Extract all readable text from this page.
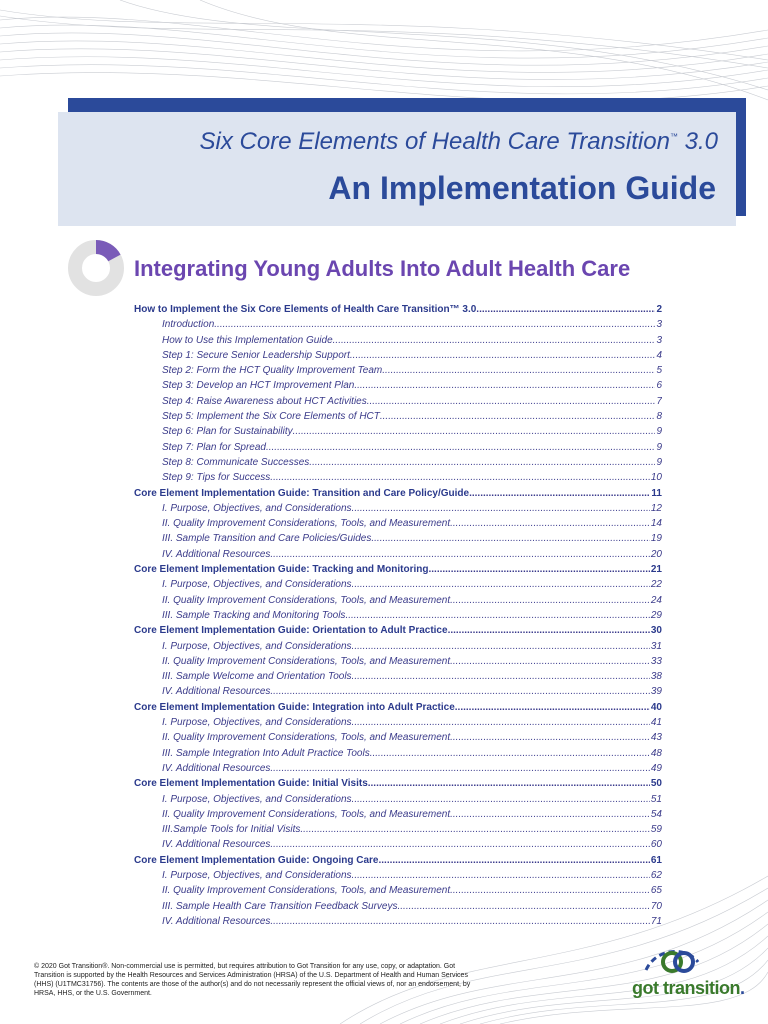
Six Core Elements of Health Care Transition™ 3.0
An Implementation Guide
Integrating Young Adults Into Adult Health Care
How to Implement the Six Core Elements of Health Care Transition™ 3.0 .....	2
Introduction .....	3
How to Use this Implementation Guide .....	3
Step 1: Secure Senior Leadership Support .....	4
Step 2: Form the HCT Quality Improvement Team .....	5
Step 3: Develop an HCT Improvement Plan .....	6
Step 4: Raise Awareness about HCT Activities .....	7
Step 5: Implement the Six Core Elements of HCT .....	8
Step 6: Plan for Sustainability .....	9
Step 7: Plan for Spread .....	9
Step 8: Communicate Successes .....	9
Step 9: Tips for Success .....	10
Core Element Implementation Guide: Transition and Care Policy/Guide .....	11
I. Purpose, Objectives, and Considerations .....	12
II. Quality Improvement Considerations, Tools, and Measurement .....	14
III. Sample Transition and Care Policies/Guides .....	19
IV. Additional Resources .....	20
Core Element Implementation Guide: Tracking and Monitoring .....	21
I. Purpose, Objectives, and Considerations .....	22
II. Quality Improvement Considerations, Tools, and Measurement .....	24
III. Sample Tracking and Monitoring Tools .....	29
Core Element Implementation Guide: Orientation to Adult Practice .....	30
I. Purpose, Objectives, and Considerations .....	31
II. Quality Improvement Considerations, Tools, and Measurement .....	33
III. Sample Welcome and Orientation Tools .....	38
IV. Additional Resources .....	39
Core Element Implementation Guide: Integration into Adult Practice .....	40
I. Purpose, Objectives, and Considerations .....	41
II. Quality Improvement Considerations, Tools, and Measurement .....	43
III. Sample Integration Into Adult Practice Tools .....	48
IV. Additional Resources .....	49
Core Element Implementation Guide: Initial Visits .....	50
I. Purpose, Objectives, and Considerations .....	51
II. Quality Improvement Considerations, Tools, and Measurement .....	54
III.Sample Tools for Initial Visits .....	59
IV. Additional Resources .....	60
Core Element Implementation Guide: Ongoing Care .....	61
I. Purpose, Objectives, and Considerations .....	62
II. Quality Improvement Considerations, Tools, and Measurement .....	65
III. Sample Health Care Transition Feedback Surveys .....	70
IV. Additional Resources .....	71
© 2020 Got Transition®. Non-commercial use is permitted, but requires attribution to Got Transition for any use, copy, or adaptation. Got Transition is supported by the Health Resources and Services Administration (HRSA) of the U.S. Department of Health and Human Services (HHS) (U1TMC31756). The contents are those of the author(s) and do not necessarily represent the official views of, nor an endorsement, by HRSA, HHS, or the U.S. Government.	got transition.
